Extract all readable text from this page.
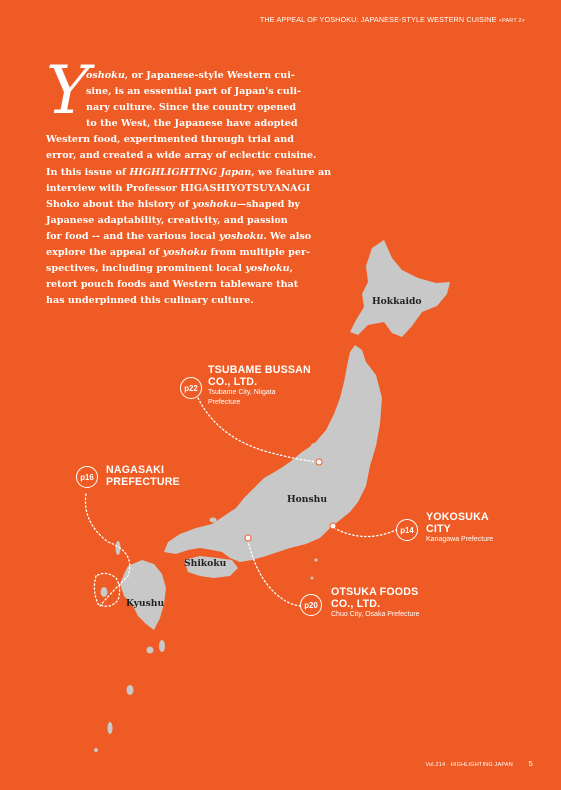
THE APPEAL OF YOSHOKU: JAPANESE-STYLE WESTERN CUISINE <PART 2>
Y

oshoku, or Japanese-style Western cui-
sine, is an essential part of Japan's culi-
nary culture. Since the country opened
to the West, the Japanese have adopted
Western food, experimented through trial and
error, and created a wide array of eclectic cuisine.
In this issue of HIGHLIGHTING Japan, we feature an
interview with Professor HIGASHIYOTSUYANAGI
Shoko about the history of yoshoku—shaped by
Japanese adaptability, creativity, and passion
for food -- and the various local yoshoku. We also
explore the appeal of yoshoku from multiple per-
spectives, including prominent local yoshoku,
retort pouch foods and Western tableware that
has underpinned this culinary culture.	Hokkaido
Honshu
Shikoku
Kyushu
p22
TSUBAME BUSSAN
CO., LTD.
Tsubame City, Niigata
Prefecture
p16
NAGASAKI
PREFECTURE
p14
YOKOSUKA
CITY
Kanagawa Prefecture
p20
OTSUKA FOODS
CO., LTD.
Chuo City, Osaka Prefecture
Vol.214 · HIGHLIGHTING JAPAN 5
